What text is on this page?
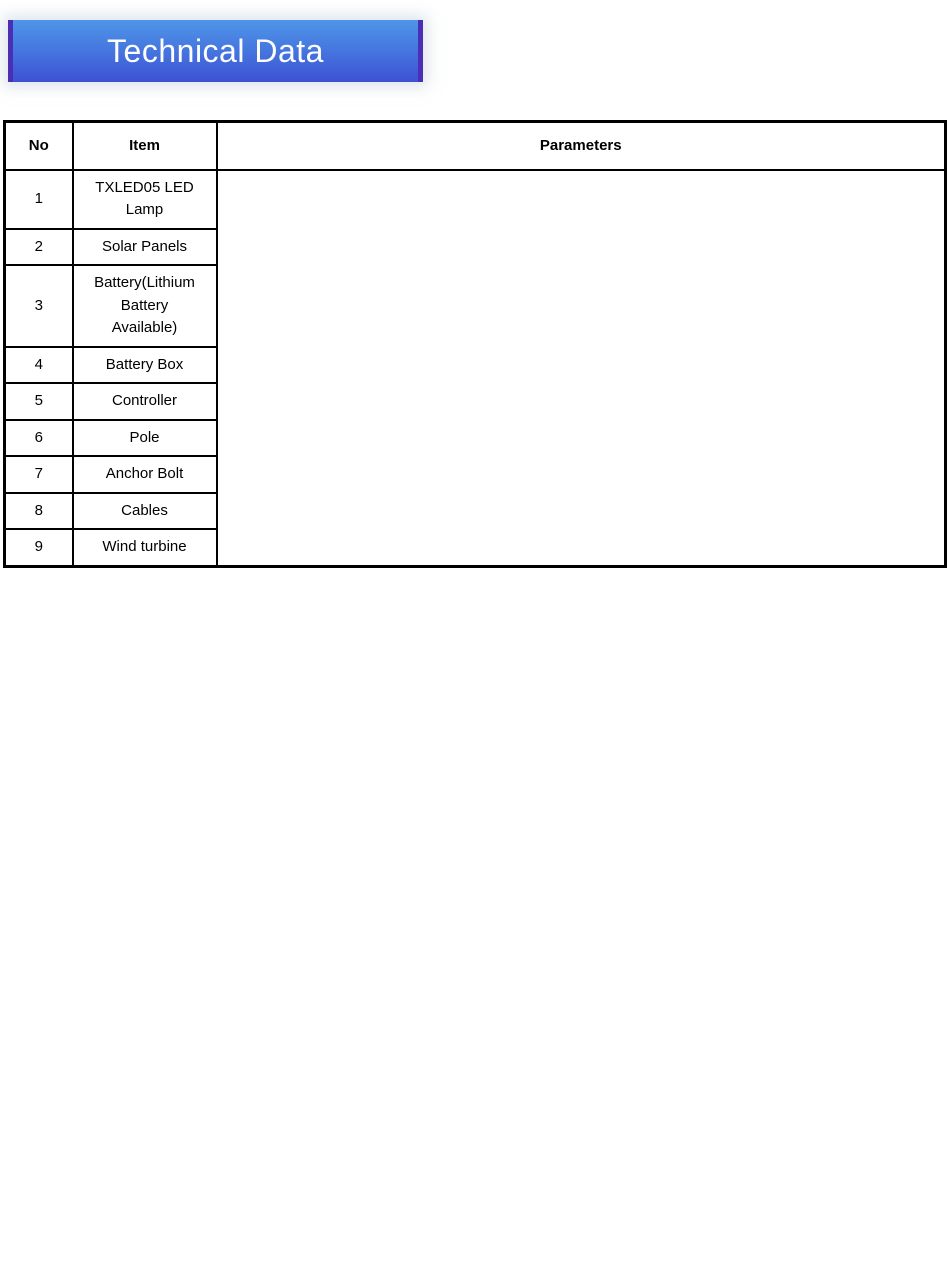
Technical Data
No	Item	Parameters
1	TXLED05 LED Lamp	
2	Solar Panels	
3	Battery(Lithium Battery Available)	
4	Battery Box	
5	Controller	
6	Pole	

7	Anchor Bolt	
8	Cables	
9	Wind turbine	
